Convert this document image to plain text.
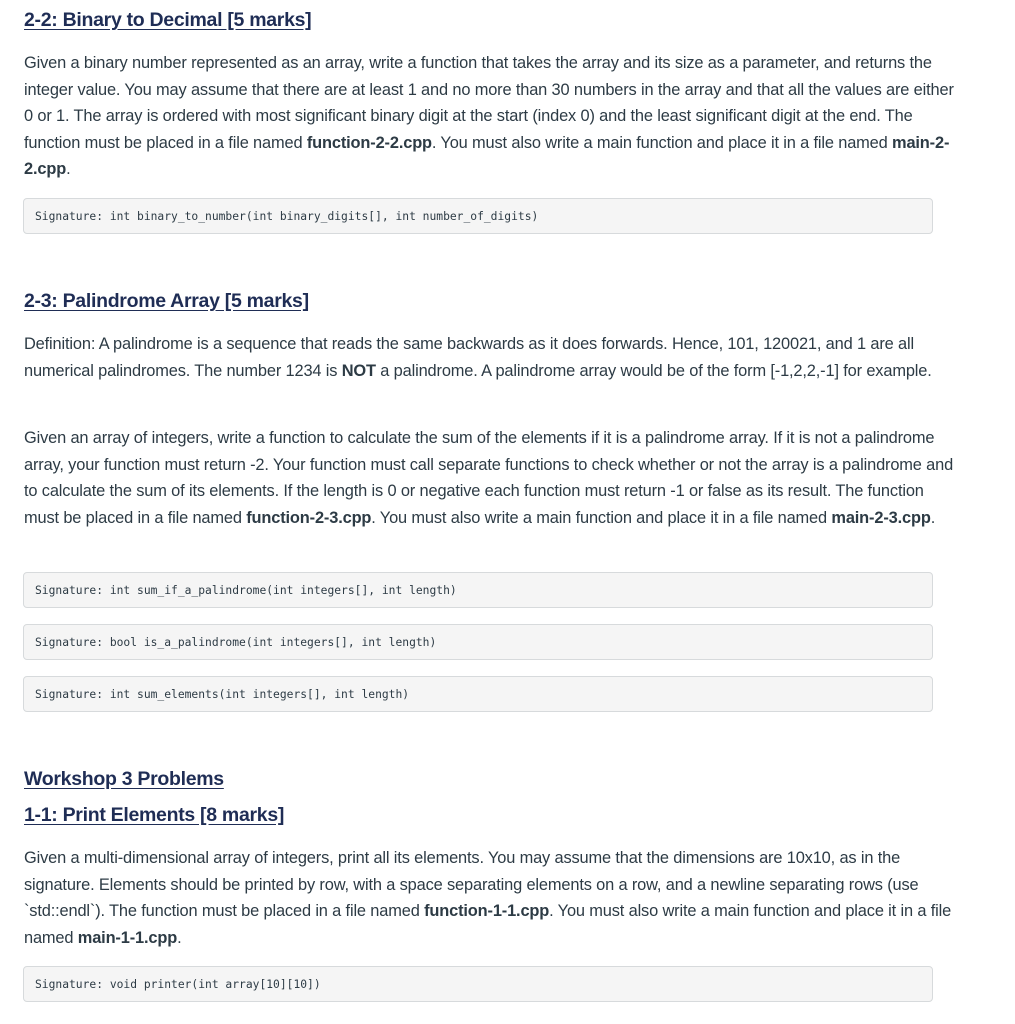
2-2: Binary to Decimal [5 marks]

Given a binary number represented as an array, write a function that takes the array and its size as a parameter, and returns the integer value. You may assume that there are at least 1 and no more than 30 numbers in the array and that all the values are either 0 or 1. The array is ordered with most significant binary digit at the start (index 0) and the least significant digit at the end. The function must be placed in a file named function-2-2.cpp. You must also write a main function and place it in a file named main-2-2.cpp.

Signature: int binary_to_number(int binary_digits[], int number_of_digits)
2-3: Palindrome Array [5 marks]

Definition: A palindrome is a sequence that reads the same backwards as it does forwards. Hence, 101, 120021, and 1 are all numerical palindromes. The number 1234 is NOT a palindrome. A palindrome array would be of the form [-1,2,2,-1] for example.

Given an array of integers, write a function to calculate the sum of the elements if it is a palindrome array. If it is not a palindrome array, your function must return -2. Your function must call separate functions to check whether or not the array is a palindrome and to calculate the sum of its elements. If the length is 0 or negative each function must return -1 or false as its result. The function must be placed in a file named function-2-3.cpp. You must also write a main function and place it in a file named main-2-3.cpp.

Signature: int sum_if_a_palindrome(int integers[], int length)
Signature: bool is_a_palindrome(int integers[], int length)
Signature: int sum_elements(int integers[], int length)
Workshop 3 Problems
1-1: Print Elements [8 marks]

Given a multi-dimensional array of integers, print all its elements. You may assume that the dimensions are 10x10, as in the signature. Elements should be printed by row, with a space separating elements on a row, and a newline separating rows (use `std::endl`). The function must be placed in a file named function-1-1.cpp. You must also write a main function and place it in a file named main-1-1.cpp.

Signature: void printer(int array[10][10])
